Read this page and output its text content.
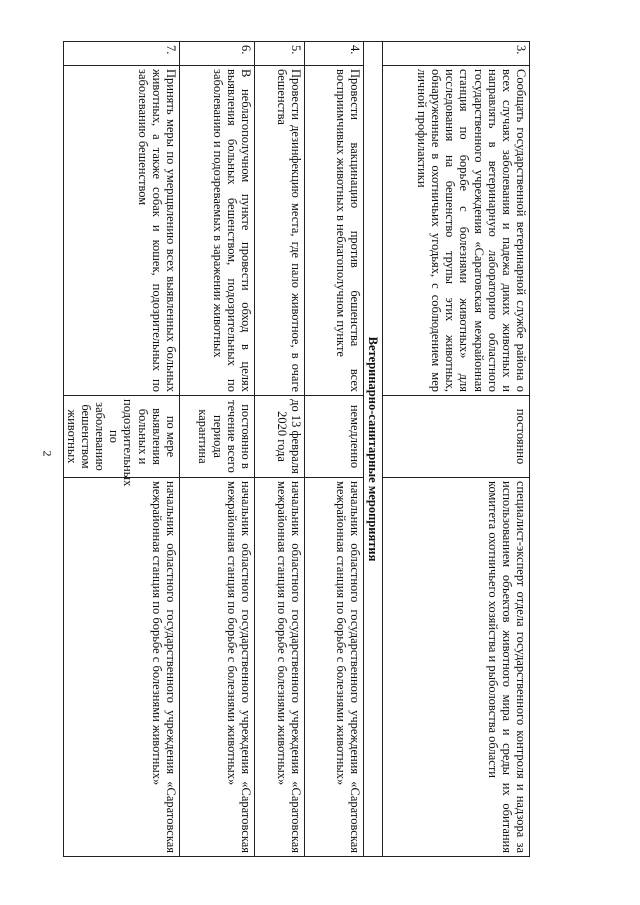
2
3.	Сообщать государственной ветеринарной службе района о всех случаях заболевания и падежа диких животных и направлять в ветеринарную лабораторию областного государственного учреждения «Саратовская межрайонная станция по борьбе с болезнями животных» для исследования на бешенство трупы этих животных, обнаруженные в охотничьих угодьях, с соблюдением мер личной профилактики	постоянно	специалист-эксперт отдела государственного контроля и надзора за использованием объектов животного мира и среды их обитания комитета охотничьего хозяйства и рыболовства области
Ветеринарно-санитарные мероприятия			
4.	Провести вакцинацию против бешенства всех восприимчивых животных в неблагополучном пункте	немедленно	начальник областного государственного учреждения «Саратовская межрайонная станция по борьбе с болезнями животных»
5.	Провести дезинфекцию места, где пало животное, в очаге бешенства	до 13 февраля 2020 года	начальник областного государственного учреждения «Саратовская межрайонная станция по борьбе с болезнями животных»
6.	В неблагополучном пункте провести обход в целях выявления больных бешенством, подозрительных по заболеванию и подозреваемых в заражении животных	постоянно в течение всего периода карантина	начальник областного государственного учреждения «Саратовская межрайонная станция по борьбе с болезнями животных»
7.	Принять меры по умерщвлению всех выявленных больных животных, а также собак и кошек, подозрительных по заболеванию бешенством	по мере выявления больных и подозрительных по заболеванию бешенством животных	начальник областного государственного учреждения «Саратовская межрайонная станция по борьбе с болезнями животных»
